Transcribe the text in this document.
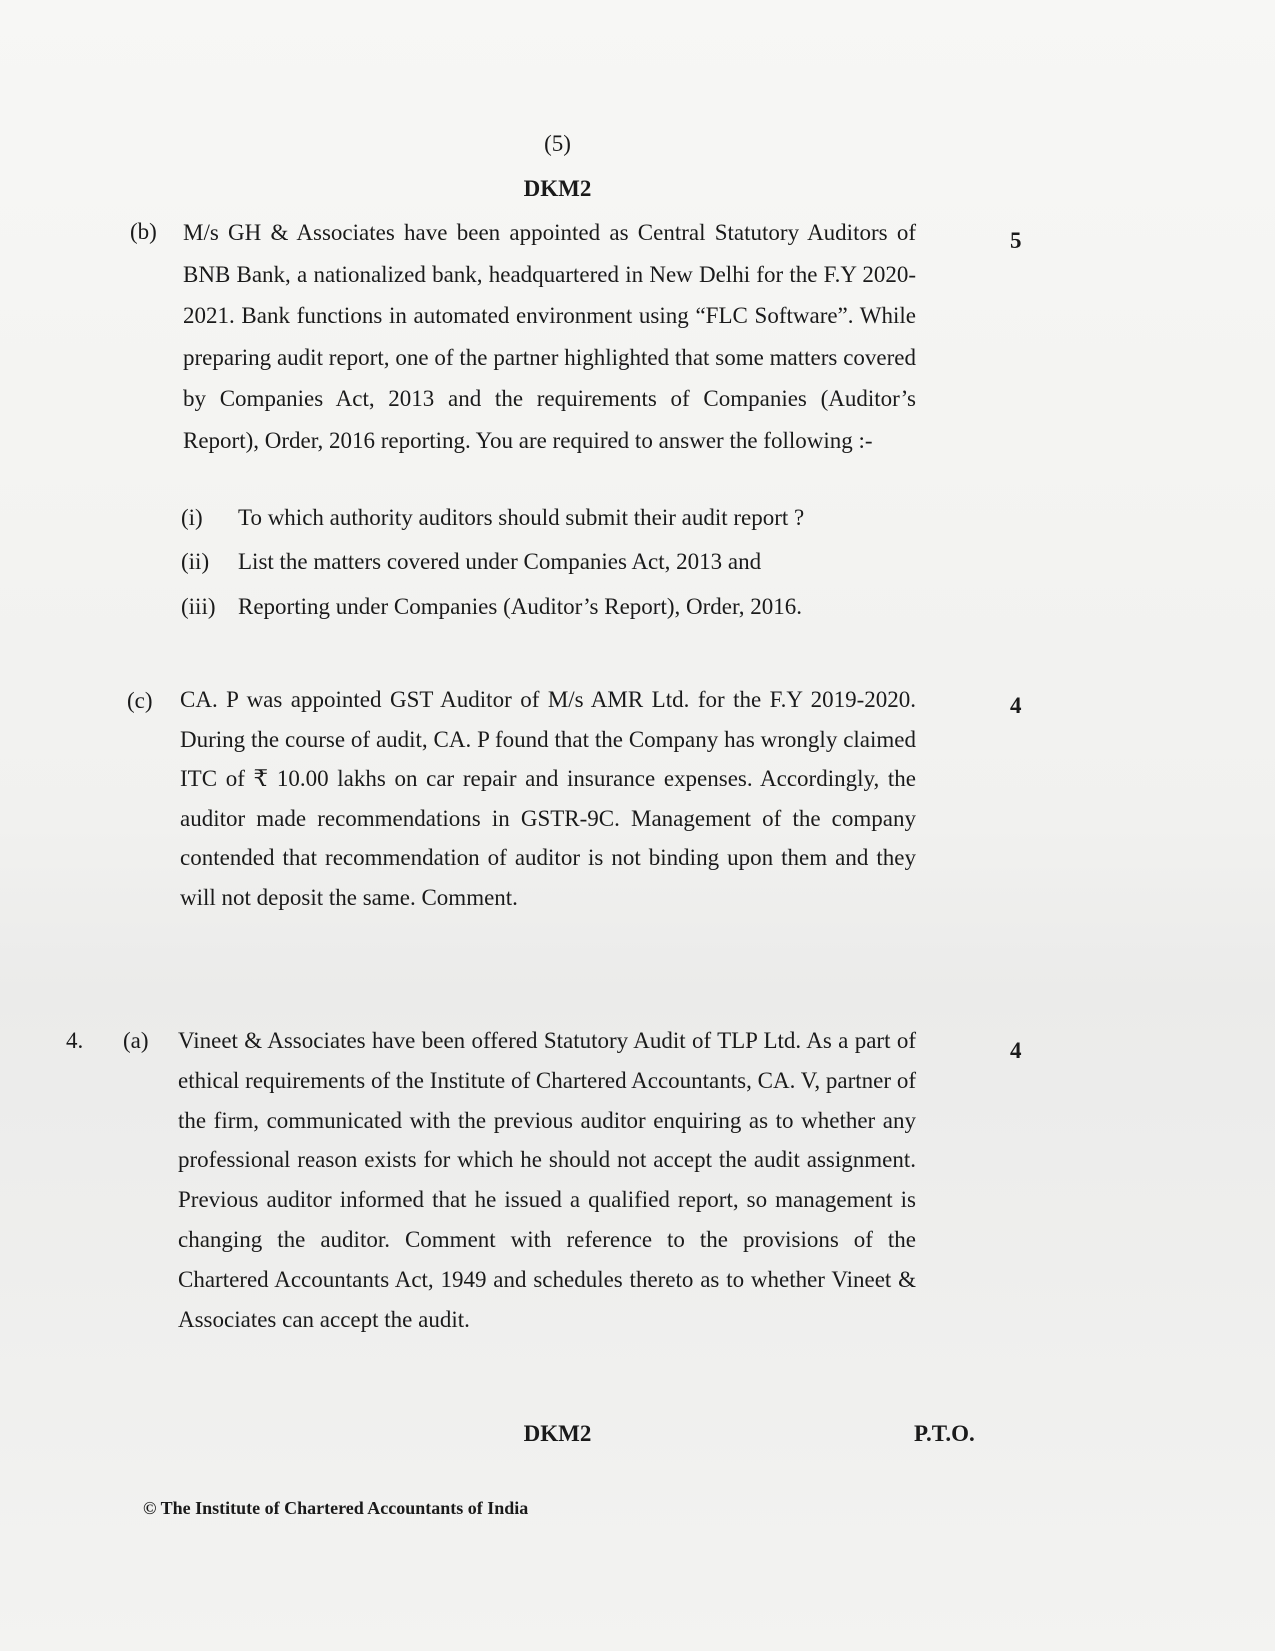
(5)
DKM2
(b) M/s GH & Associates have been appointed as Central Statutory Auditors of BNB Bank, a nationalized bank, headquartered in New Delhi for the F.Y 2020-2021. Bank functions in automated environment using “FLC Software”. While preparing audit report, one of the partner highlighted that some matters covered by Companies Act, 2013 and the requirements of Companies (Auditor’s Report), Order, 2016 reporting. You are required to answer the following :-
5
(i) To which authority auditors should submit their audit report ?
(ii) List the matters covered under Companies Act, 2013 and
(iii) Reporting under Companies (Auditor’s Report), Order, 2016.
(c) CA. P was appointed GST Auditor of M/s AMR Ltd. for the F.Y 2019-2020. During the course of audit, CA. P found that the Company has wrongly claimed ITC of ₹ 10.00 lakhs on car repair and insurance expenses. Accordingly, the auditor made recommendations in GSTR-9C. Management of the company contended that recommendation of auditor is not binding upon them and they will not deposit the same. Comment.
4
4. (a) Vineet & Associates have been offered Statutory Audit of TLP Ltd. As a part of ethical requirements of the Institute of Chartered Accountants, CA. V, partner of the firm, communicated with the previous auditor enquiring as to whether any professional reason exists for which he should not accept the audit assignment. Previous auditor informed that he issued a qualified report, so management is changing the auditor. Comment with reference to the provisions of the Chartered Accountants Act, 1949 and schedules thereto as to whether Vineet & Associates can accept the audit.
4
DKM2	P.T.O.
© The Institute of Chartered Accountants of India
